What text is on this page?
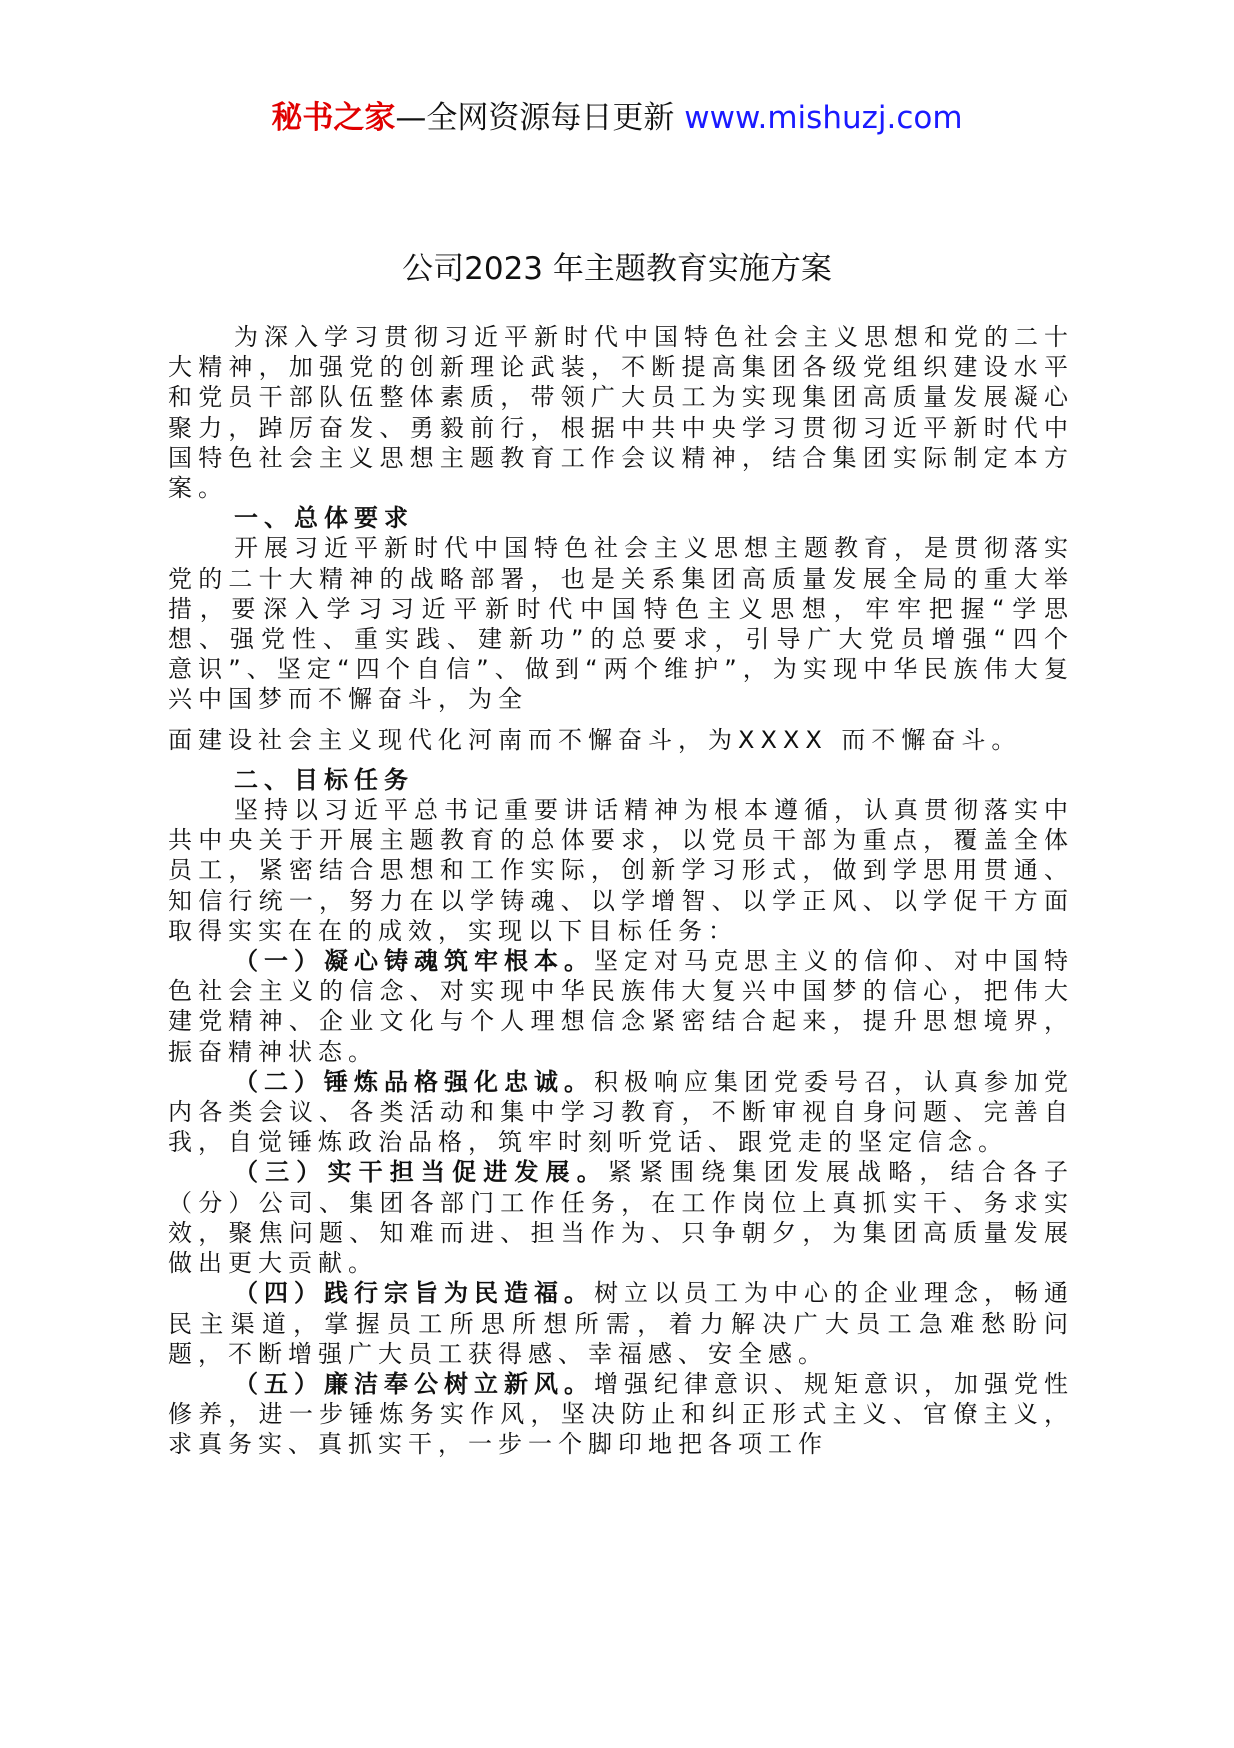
秘书之家—全网资源每日更新 www.mishuzj.com
公司2023 年主题教育实施方案

为深入学习贯彻习近平新时代中国特色社会主义思想和党的二十大精神，加强党的创新理论武装，不断提高集团各级党组织建设水平和党员干部队伍整体素质，带领广大员工为实现集团高质量发展凝心聚力，踔厉奋发、勇毅前行，根据中共中央学习贯彻习近平新时代中国特色社会主义思想主题教育工作会议精神，结合集团实际制定本方案。

一、总体要求

开展习近平新时代中国特色社会主义思想主题教育，是贯彻落实党的二十大精神的战略部署，也是关系集团高质量发展全局的重大举措，要深入学习习近平新时代中国特色主义思想，牢牢把握“学思想、强党性、重实践、建新功”的总要求，引导广大党员增强“四个意识”、坚定“四个自信”、做到“两个维护”，为实现中华民族伟大复兴中国梦而不懈奋斗，为全

面建设社会主义现代化河南而不懈奋斗，为XXXX 而不懈奋斗。

二、目标任务

坚持以习近平总书记重要讲话精神为根本遵循，认真贯彻落实中共中央关于开展主题教育的总体要求，以党员干部为重点，覆盖全体员工，紧密结合思想和工作实际，创新学习形式，做到学思用贯通、知信行统一，努力在以学铸魂、以学增智、以学正风、以学促干方面取得实实在在的成效，实现以下目标任务：

（一）凝心铸魂筑牢根本。坚定对马克思主义的信仰、对中国特色社会主义的信念、对实现中华民族伟大复兴中国梦的信心，把伟大建党精神、企业文化与个人理想信念紧密结合起来，提升思想境界，振奋精神状态。

（二）锤炼品格强化忠诚。积极响应集团党委号召，认真参加党内各类会议、各类活动和集中学习教育，不断审视自身问题、完善自我，自觉锤炼政治品格，筑牢时刻听党话、跟党走的坚定信念。

（三）实干担当促进发展。紧紧围绕集团发展战略，结合各子（分）公司、集团各部门工作任务，在工作岗位上真抓实干、务求实效，聚焦问题、知难而进、担当作为、只争朝夕，为集团高质量发展做出更大贡献。

（四）践行宗旨为民造福。树立以员工为中心的企业理念，畅通民主渠道，掌握员工所思所想所需，着力解决广大员工急难愁盼问题，不断增强广大员工获得感、幸福感、安全感。

（五）廉洁奉公树立新风。增强纪律意识、规矩意识，加强党性修养，进一步锤炼务实作风，坚决防止和纠正形式主义、官僚主义，求真务实、真抓实干，一步一个脚印地把各项工作
